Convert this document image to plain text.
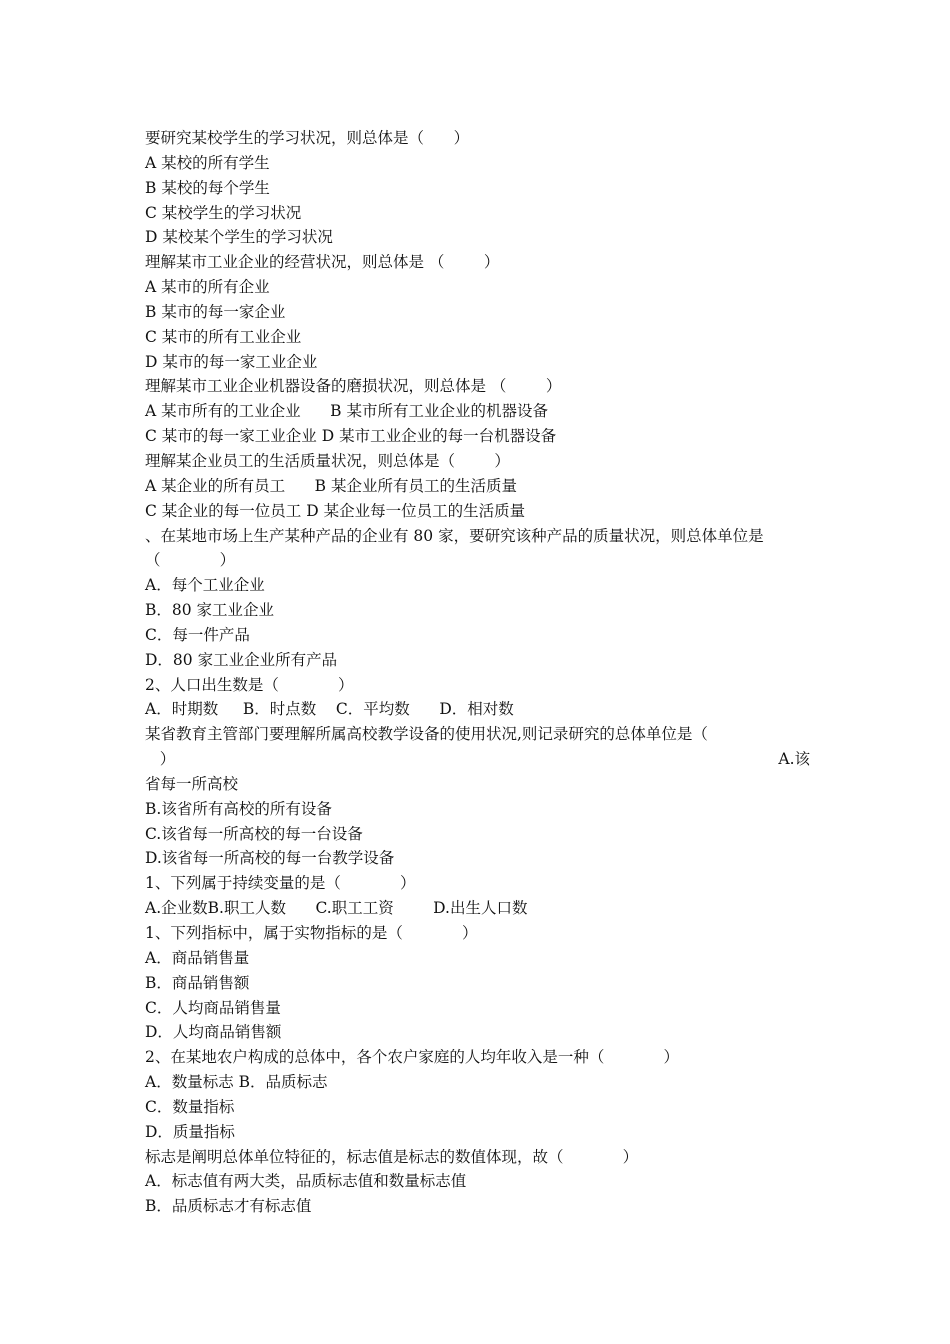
要研究某校学生的学习状况，则总体是（      ）
A 某校的所有学生
B 某校的每个学生
C 某校学生的学习状况
D 某校某个学生的学习状况
理解某市工业企业的经营状况，则总体是 （        ）
A 某市的所有企业
B 某市的每一家企业
C 某市的所有工业企业
D 某市的每一家工业企业
理解某市工业企业机器设备的磨损状况，则总体是 （        ）
A 某市所有的工业企业      B 某市所有工业企业的机器设备
C 某市的每一家工业企业 D 某市工业企业的每一台机器设备
理解某企业员工的生活质量状况，则总体是（        ）
A 某企业的所有员工      B 某企业所有员工的生活质量
C 某企业的每一位员工 D 某企业每一位员工的生活质量
、在某地市场上生产某种产品的企业有 80 家，要研究该种产品的质量状况，则总体单位是
（            ）
A．每个工业企业
B．80 家工业企业
C．每一件产品
D．80 家工业企业所有产品
2、人口出生数是（            ）
A．时期数     B．时点数    C．平均数      D．相对数
某省教育主管部门要理解所属高校教学设备的使用状况,则记录研究的总体单位是（
）	A.该
省每一所高校
B.该省所有高校的所有设备
C.该省每一所高校的每一台设备
D.该省每一所高校的每一台教学设备
1、下列属于持续变量的是（            ）
A.企业数B.职工人数      C.职工工资        D.出生人口数
1、下列指标中，属于实物指标的是（            ）
A．商品销售量
B．商品销售额
C．人均商品销售量
D．人均商品销售额
2、在某地农户构成的总体中，各个农户家庭的人均年收入是一种（            ）
A．数量标志 B．品质标志
C．数量指标
D．质量指标
标志是阐明总体单位特征的，标志值是标志的数值体现，故（            ）
A．标志值有两大类，品质标志值和数量标志值
B．品质标志才有标志值
